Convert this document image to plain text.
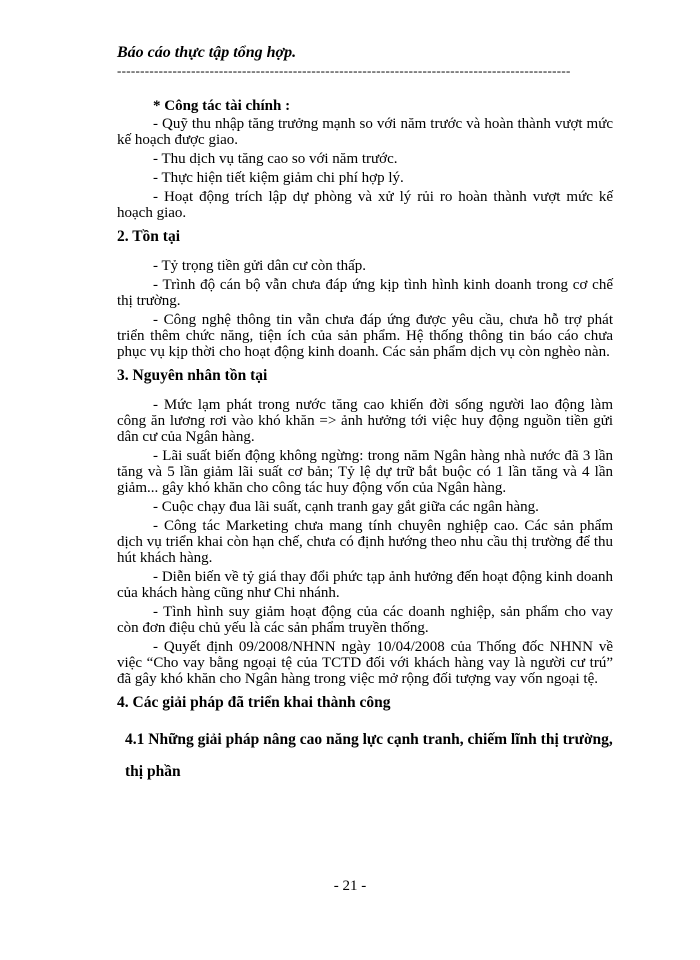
Báo cáo thực tập tổng hợp.
--------------------------------------------------------------------------------------------------

* Công tác tài chính :

- Quỹ thu nhập tăng trưởng mạnh so với năm trước và hoàn thành vượt mức kế hoạch được giao.

- Thu dịch vụ tăng cao so với năm trước.

- Thực hiện tiết kiệm giảm chi phí hợp lý.

- Hoạt động trích lập dự phòng và xử lý rủi ro hoàn thành vượt mức kế hoạch giao.

2. Tồn tại

- Tỷ trọng tiền gửi dân cư còn thấp.

- Trình độ cán bộ vẫn chưa đáp ứng kịp tình hình kinh doanh trong cơ chế thị trường.

- Công nghệ thông tin vẫn chưa đáp ứng được yêu cầu, chưa hỗ trợ phát triển thêm chức năng, tiện ích của sản phẩm. Hệ thống thông tin báo cáo chưa phục vụ kịp thời cho hoạt động kinh doanh. Các sản phẩm dịch vụ còn nghèo nàn.

3. Nguyên nhân tồn tại

- Mức lạm phát trong nước tăng cao khiến đời sống người lao động làm công ăn lương rơi vào khó khăn => ảnh hưởng tới việc huy động nguồn tiền gửi dân cư của Ngân hàng.

- Lãi suất biến động không ngừng: trong năm Ngân hàng nhà nước đã 3 lần tăng và 5 lần giảm lãi suất cơ bản; Tỷ lệ dự trữ bắt buộc có 1 lần tăng và 4 lần giảm... gây khó khăn cho công tác huy động vốn của Ngân hàng.

- Cuộc chạy đua lãi suất, cạnh tranh gay gắt giữa các ngân hàng.

- Công tác Marketing chưa mang tính chuyên nghiệp cao. Các sản phẩm dịch vụ triển khai còn hạn chế, chưa có định hướng theo nhu cầu thị trường để thu hút khách hàng.

- Diễn biến về tỷ giá thay đổi phức tạp ảnh hưởng đến hoạt động kinh doanh của khách hàng cũng như Chi nhánh.

- Tình hình suy giảm hoạt động của các doanh nghiệp, sản phẩm cho vay còn đơn điệu chủ yếu là các sản phẩm truyền thống.

- Quyết định 09/2008/NHNN ngày 10/04/2008 của Thống đốc NHNN về việc “Cho vay bằng ngoại tệ của TCTD đối với khách hàng vay là người cư trú” đã gây khó khăn cho Ngân hàng trong việc mở rộng đối tượng vay vốn ngoại tệ.

4. Các giải pháp đã triển khai thành công

4.1 Những giải pháp nâng cao năng lực cạnh tranh, chiếm lĩnh thị trường, thị phần

- 21 -
